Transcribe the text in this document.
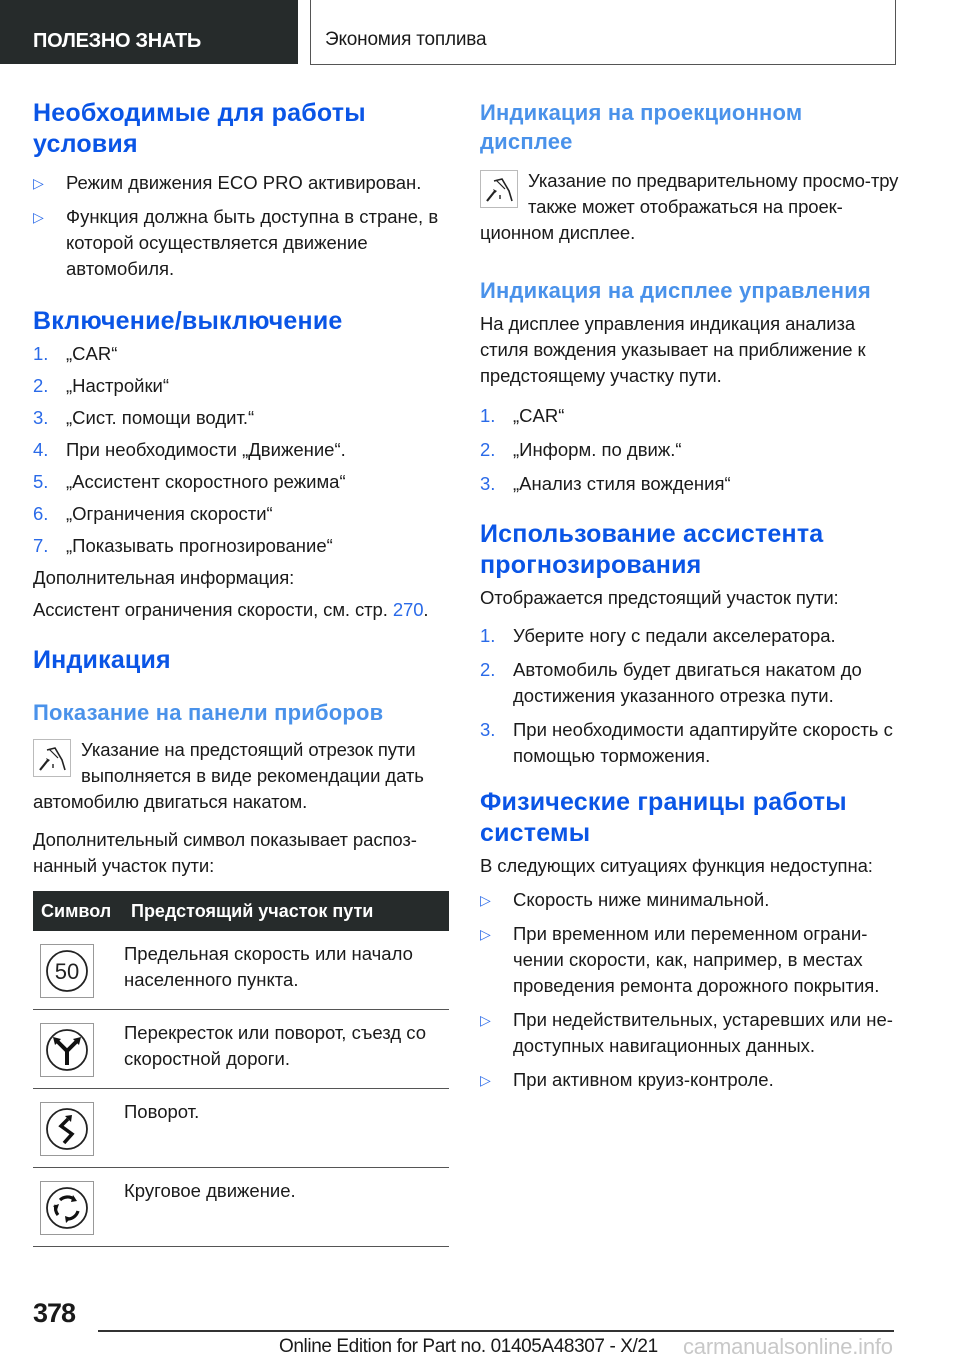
ПОЛЕЗНО ЗНАТЬ	Экономия топлива
Необходимые для работы условия
▷ Режим движения ECO PRO активирован.
▷ Функция должна быть доступна в стране, в которой осуществляется движение автомобиля.
Включение/выключение
1. „CAR“
2. „Настройки“
3. „Сист. помощи водит.“
4. При необходимости „Движение“.
5. „Ассистент скоростного режима“
6. „Ограничения скорости“
7. „Показывать прогнозирование“

Дополнительная информация:

Ассистент ограничения скорости, см. стр. 270.

Индикация
Показание на панели приборов

Указание на предстоящий отрезок пути выполняется в виде рекомендации дать автомобилю двигаться накатом.

Дополнительный символ показывает распоз-нанный участок пути:

Символ	Предстоящий участок пути

50	Предельная скорость или начало населенного пункта.

	Перекресток или поворот, съезд со скоростной дороги.

	Поворот.

	Круговое движение.
Индикация на проекционном дисплее

Указание по предварительному просмо-тру также может отображаться на проек-ционном дисплее.

Индикация на дисплее управления

На дисплее управления индикация анализа стиля вождения указывает на приближение к предстоящему участку пути.

1. „CAR“
2. „Информ. по движ.“
3. „Анализ стиля вождения“
Использование ассистента прогнозирования

Отображается предстоящий участок пути:

1. Уберите ногу с педали акселератора.
2. Автомобиль будет двигаться накатом до достижения указанного отрезка пути.
3. При необходимости адаптируйте скорость с помощью торможения.
Физические границы работы системы

В следующих ситуациях функция недоступна:

▷ Скорость ниже минимальной.
▷ При временном или переменном ограни-чении скорости, как, например, в местах проведения ремонта дорожного покрытия.
▷ При недействительных, устаревших или не-доступных навигационных данных.
▷ При активном круиз-контроле.
378
Online Edition for Part no. 01405A48307 - X/21 carmanualsonline.info
